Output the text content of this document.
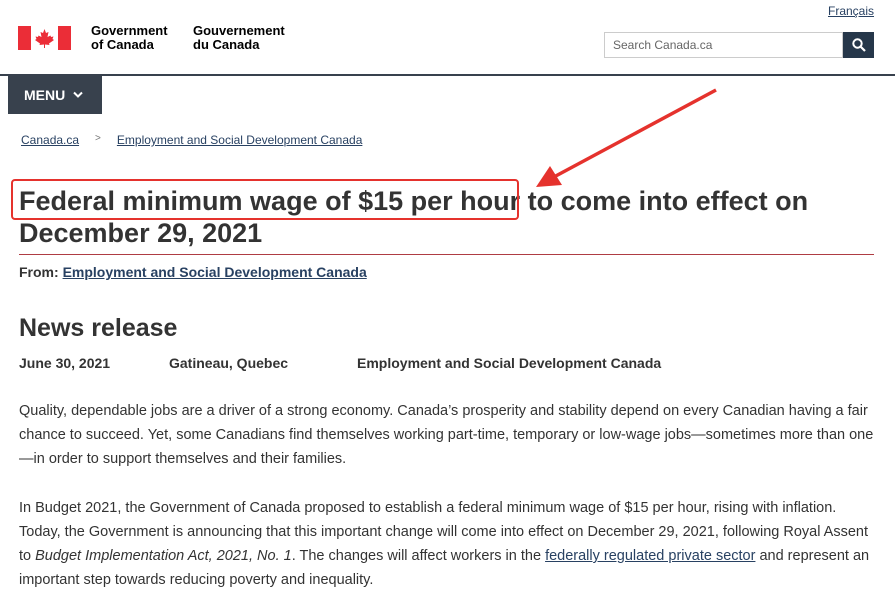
Government
of Canada
Gouvernement
du Canada
Français
Search Canada.ca
MENU
Canada.ca > Employment and Social Development Canada
Federal minimum wage of $15 per hour to come into effect on December 29, 2021
From: Employment and Social Development Canada
News release
June 30, 2021	Gatineau, Quebec	Employment and Social Development Canada

Quality, dependable jobs are a driver of a strong economy. Canada’s prosperity and stability depend on every Canadian having a fair chance to succeed. Yet, some Canadians find themselves working part-time, temporary or low-wage jobs—sometimes more than one—in order to support themselves and their families.

In Budget 2021, the Government of Canada proposed to establish a federal minimum wage of $15 per hour, rising with inflation. Today, the Government is announcing that this important change will come into effect on December 29, 2021, following Royal Assent to Budget Implementation Act, 2021, No. 1. The changes will affect workers in the federally regulated private sector and represent an important step towards reducing poverty and inequality.
